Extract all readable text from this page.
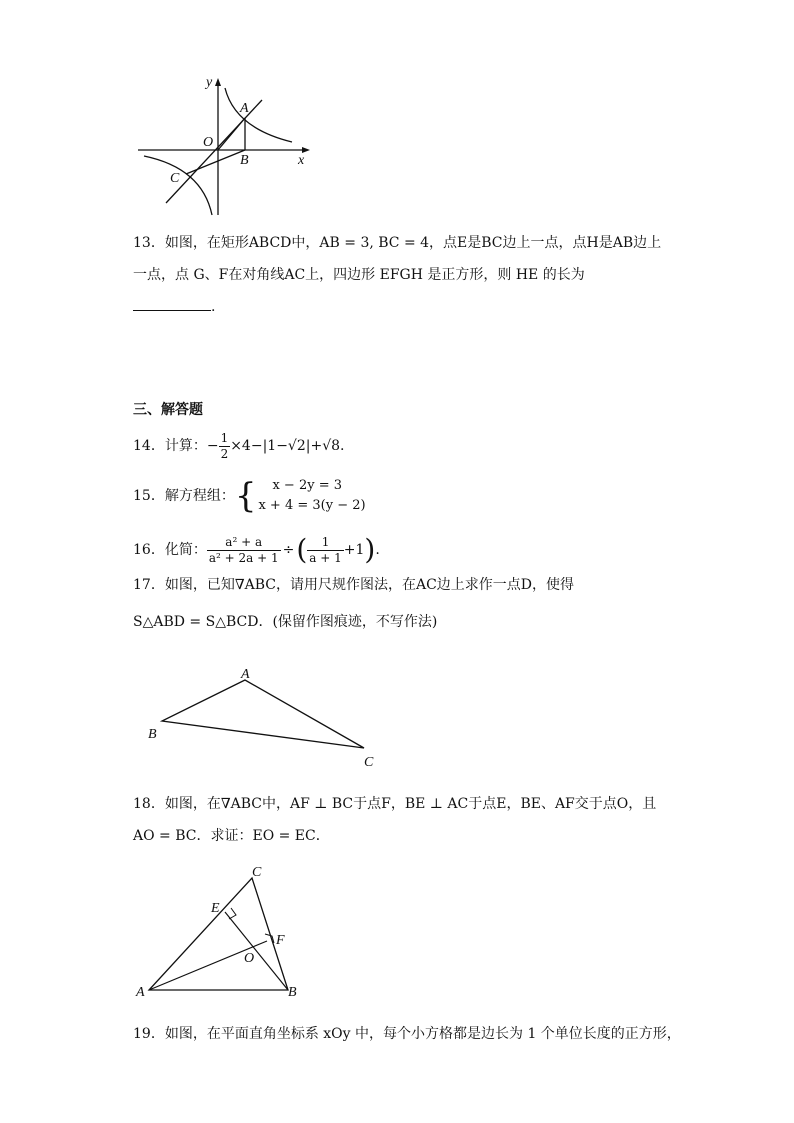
y
x
O
A
B
C
13．如图，在矩形ABCD中，AB = 3, BC = 4，点E是BC边上一点，点H是AB边上
一点，点 G、F在对角线AC上，四边形 EFGH 是正方形，则 HE 的长为
.
三、解答题
14．计算： − $\frac{1}{2} \times 4-|1-√2|+√8$ .
15．解方程组： {	x − 2y = 3
x + 4 = 3(y − 2)
16．化简： $\frac{\text{a² + a}}{\text{a² + 2a + 1}}$ ÷ ( $\frac{1}{a + 1} +1$ ) .
17．如图，已知∇ABC，请用尺规作图法，在AC边上求作一点D，使得
S△ABD = S△BCD．(保留作图痕迹，不写作法)
A
B
C
18．如图，在∇ABC中，AF ⊥ BC于点F，BE ⊥ AC于点E，BE、AF交于点O，且
AO = BC．求证：EO = EC．
C
E
F
O
A	B
19．如图，在平面直角坐标系 xOy 中，每个小方格都是边长为 1 个单位长度的正方形，
